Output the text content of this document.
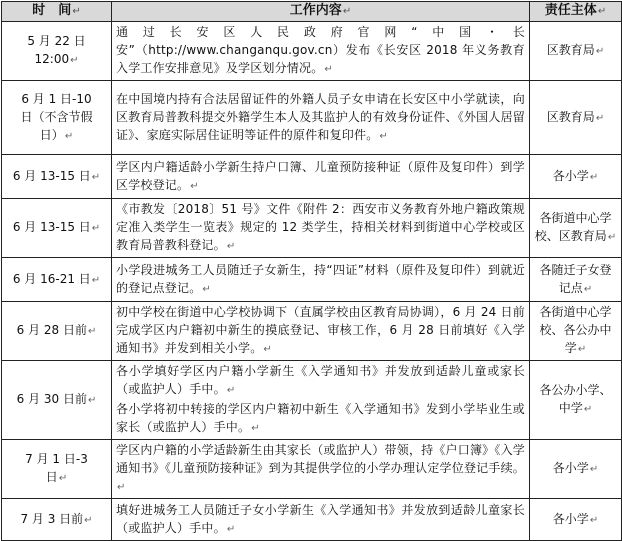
时　间↵	工作内容↵	责任主体↵

5 月 22 日
12:00↵	通过长安区人民政府官网“中国・长安”（http://www.changanqu.gov.cn）发布《长安区 2018 年义务教育入学工作安排意见》及学区划分情况。↵	区教育局↵

6 月 1 日-10
日（不含节假
日）↵	在中国境内持有合法居留证件的外籍人员子女申请在长安区中小学就读，向区教育局普教科提交外籍学生本人及其监护人的有效身份证件、《外国人居留证》、家庭实际居住证明等证件的原件和复印件。↵	区教育局↵
6 月 13-15 日↵	学区内户籍适龄小学新生持户口簿、儿童预防接种证（原件及复印件）到学区学校登记。↵	各小学↵
6 月 13-15 日↵	《市教发〔2018〕51 号》文件《附件 2：西安市义务教育外地户籍政策规定准入类学生一览表》规定的 12 类学生，持相关材料到街道中心学校或区教育局普教科登记。↵	各街道中心学校、区教育局↵
6 月 16-21 日↵	小学段进城务工人员随迁子女新生，持“四证”材料（原件及复印件）到就近的登记点登记。↵	各随迁子女登记点↵
6 月 28 日前↵	初中学校在街道中心学校协调下（直属学校由区教育局协调），6 月 24 日前完成学区内户籍初中新生的摸底登记、审核工作，6 月 28 日前填好《入学通知书》并发到相关小学。↵	各街道中心学校、各公办中学↵
6 月 30 日前↵	各小学填好学区内户籍小学新生《入学通知书》并发放到适龄儿童或家长（或监护人）手中。↵
各小学将初中转接的学区内户籍初中新生《入学通知书》发到小学毕业生或家长（或监护人）手中。↵	各公办小学、中学↵

7 月 1 日-3
日↵	学区内户籍的小学适龄新生由其家长（或监护人）带领，持《户口簿》《入学通知书》《儿童预防接种证》到为其提供学位的小学办理认定学位登记手续。↵	各小学↵
7 月 3 日前↵	填好进城务工人员随迁子女小学新生《入学通知书》并发放到适龄儿童家长（或监护人）手中。↵	各小学↵
